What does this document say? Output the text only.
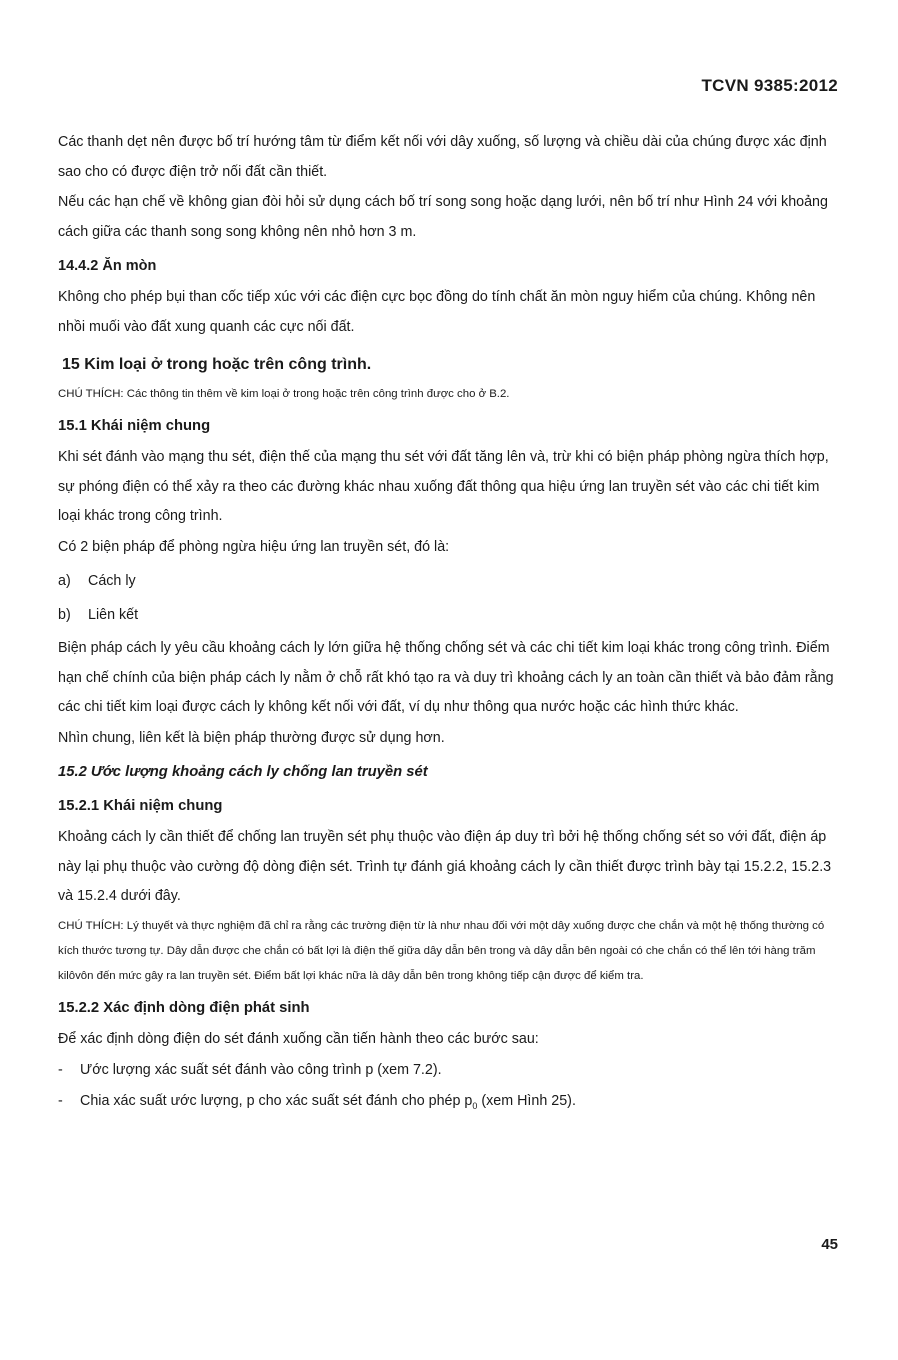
TCVN 9385:2012

Các thanh dẹt nên được bố trí hướng tâm từ điểm kết nối với dây xuống, số lượng và chiều dài của chúng được xác định sao cho có được điện trở nối đất cần thiết.

Nếu các hạn chế về không gian đòi hỏi sử dụng cách bố trí song song hoặc dạng lưới, nên bố trí như Hình 24 với khoảng cách giữa các thanh song song không nên nhỏ hơn 3 m.

14.4.2 Ăn mòn

Không cho phép bụi than cốc tiếp xúc với các điện cực bọc đồng do tính chất ăn mòn nguy hiểm của chúng. Không nên nhồi muối vào đất xung quanh các cực nối đất.

15 Kim loại ở trong hoặc trên công trình.
CHÚ THÍCH: Các thông tin thêm về kim loại ở trong hoặc trên công trình được cho ở B.2.
15.1 Khái niệm chung

Khi sét đánh vào mạng thu sét, điện thế của mạng thu sét với đất tăng lên và, trừ khi có biện pháp phòng ngừa thích hợp, sự phóng điện có thể xảy ra theo các đường khác nhau xuống đất thông qua hiệu ứng lan truyền sét vào các chi tiết kim loại khác trong công trình.

Có 2 biện pháp để phòng ngừa hiệu ứng lan truyền sét, đó là:

a)	Cách ly
b)	Liên kết

Biện pháp cách ly yêu cầu khoảng cách ly lớn giữa hệ thống chống sét và các chi tiết kim loại khác trong công trình. Điểm hạn chế chính của biện pháp cách ly nằm ở chỗ rất khó tạo ra và duy trì khoảng cách ly an toàn cần thiết và bảo đảm rằng các chi tiết kim loại được cách ly không kết nối với đất, ví dụ như thông qua nước hoặc các hình thức khác.

Nhìn chung, liên kết là biện pháp thường được sử dụng hơn.

15.2 Ước lượng khoảng cách ly chống lan truyền sét
15.2.1 Khái niệm chung

Khoảng cách ly cần thiết để chống lan truyền sét phụ thuộc vào điện áp duy trì bởi hệ thống chống sét so với đất, điện áp này lại phụ thuộc vào cường độ dòng điện sét. Trình tự đánh giá khoảng cách ly cần thiết được trình bày tại 15.2.2, 15.2.3 và 15.2.4 dưới đây.

CHÚ THÍCH: Lý thuyết và thực nghiệm đã chỉ ra rằng các trường điện từ là như nhau đối với một dây xuống được che chắn và một hệ thống thường có kích thước tương tự. Dây dẫn được che chắn có bất lợi là điện thế giữa dây dẫn bên trong và dây dẫn bên ngoài có che chắn có thể lên tới hàng trăm kilôvôn đến mức gây ra lan truyền sét. Điểm bất lợi khác nữa là dây dẫn bên trong không tiếp cận được để kiểm tra.
15.2.2 Xác định dòng điện phát sinh

Để xác định dòng điện do sét đánh xuống cần tiến hành theo các bước sau:

-	Ước lượng xác suất sét đánh vào công trình p (xem 7.2).
-	Chia xác suất ước lượng, p cho xác suất sét đánh cho phép $p_0$ (xem Hình 25).
45
